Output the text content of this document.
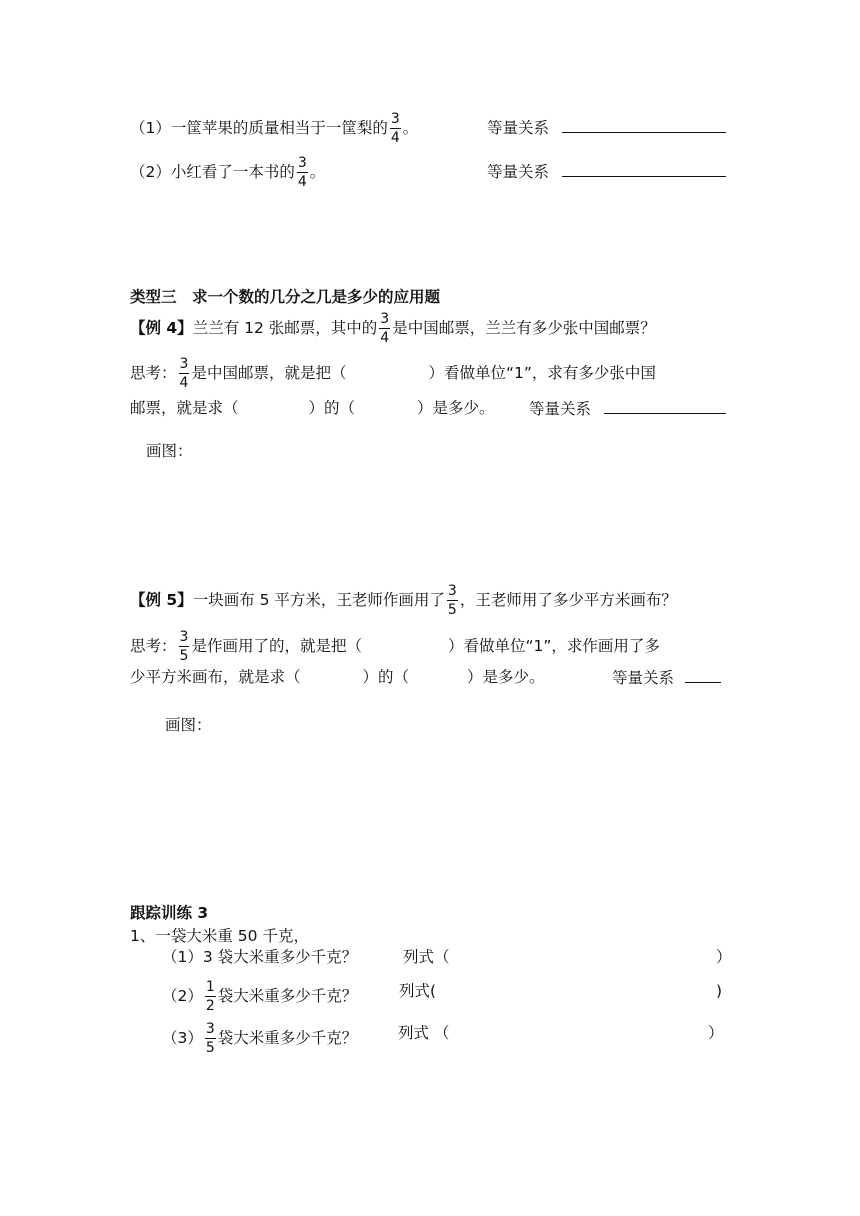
（1）一筐苹果的质量相当于一筐梨的 $\frac{3}{4}$ 。	等量关系
（2）小红看了一本书的 $\frac{3}{4}$ 。	等量关系
类型三　求一个数的几分之几是多少的应用题
【例 4】兰兰有 12 张邮票，其中的 $\frac{3}{4}$ 是中国邮票，兰兰有多少张中国邮票？
思考： $\frac{3}{4}$ 是中国邮票，就是把（	）看做单位“1”，求有多少张中国
邮票，就是求（	）的（	）是多少。 等量关系
画图：
【例 5】一块画布 5 平方米，王老师作画用了 $\frac{3}{5}$ ，王老师用了多少平方米画布？
思考： $\frac{3}{5}$ 是作画用了的，就是把（	）看做单位“1”，求作画用了多
少平方米画布，就是求（	）的（	）是多少。	等量关系
画图：
跟踪训练 3
1、一袋大米重 50 千克，
（1）3 袋大米重多少千克？	列式（	）
$(2) \frac{1}{2}$ 袋大米重多少千克？	列式(	)
$(3) \frac{3}{5}$ 袋大米重多少千克？	列式 （	）
